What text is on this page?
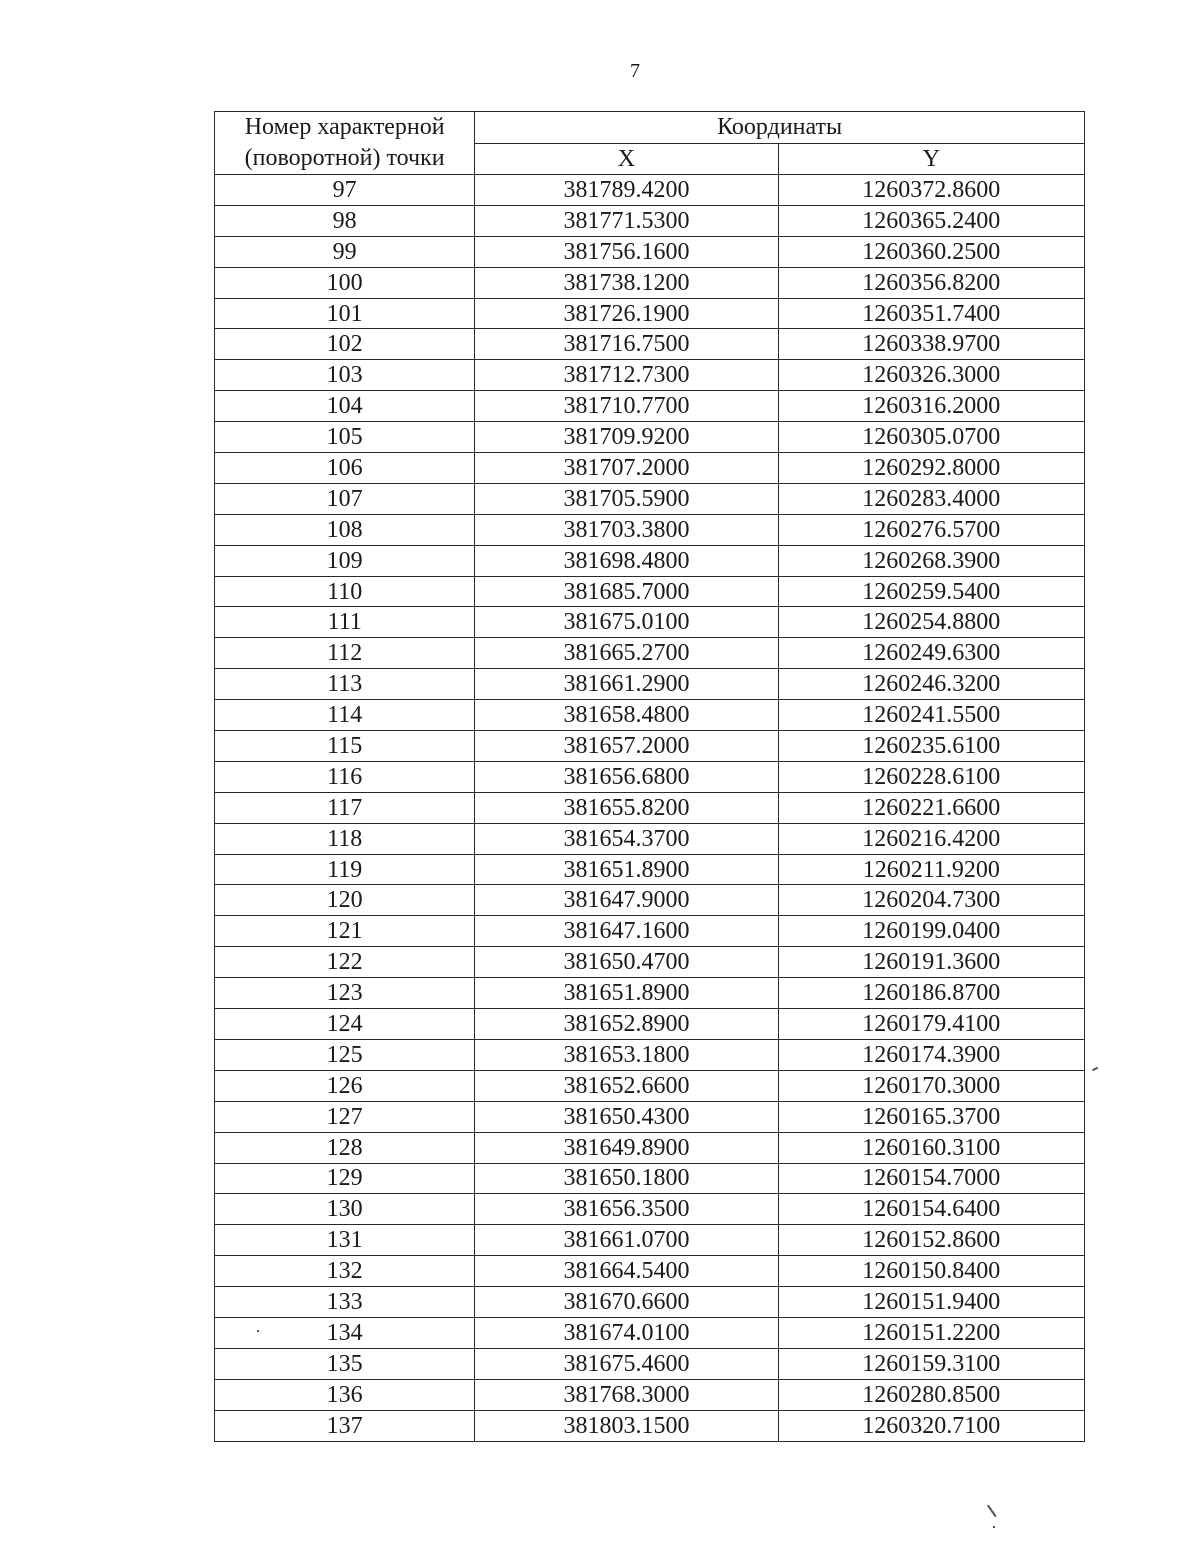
7
Номер характерной (поворотной) точки	Координаты	
	X	Y
97	381789.4200	1260372.8600
98	381771.5300	1260365.2400
99	381756.1600	1260360.2500
100	381738.1200	1260356.8200
101	381726.1900	1260351.7400
102	381716.7500	1260338.9700
103	381712.7300	1260326.3000
104	381710.7700	1260316.2000
105	381709.9200	1260305.0700
106	381707.2000	1260292.8000
107	381705.5900	1260283.4000
108	381703.3800	1260276.5700
109	381698.4800	1260268.3900
110	381685.7000	1260259.5400
111	381675.0100	1260254.8800
112	381665.2700	1260249.6300
113	381661.2900	1260246.3200
114	381658.4800	1260241.5500
115	381657.2000	1260235.6100
116	381656.6800	1260228.6100
117	381655.8200	1260221.6600
118	381654.3700	1260216.4200
119	381651.8900	1260211.9200
120	381647.9000	1260204.7300
121	381647.1600	1260199.0400
122	381650.4700	1260191.3600
123	381651.8900	1260186.8700
124	381652.8900	1260179.4100
125	381653.1800	1260174.3900
126	381652.6600	1260170.3000
127	381650.4300	1260165.3700
128	381649.8900	1260160.3100
129	381650.1800	1260154.7000
130	381656.3500	1260154.6400
131	381661.0700	1260152.8600
132	381664.5400	1260150.8400
133	381670.6600	1260151.9400
134	381674.0100	1260151.2200
135	381675.4600	1260159.3100
136	381768.3000	1260280.8500
137	381803.1500	1260320.7100
